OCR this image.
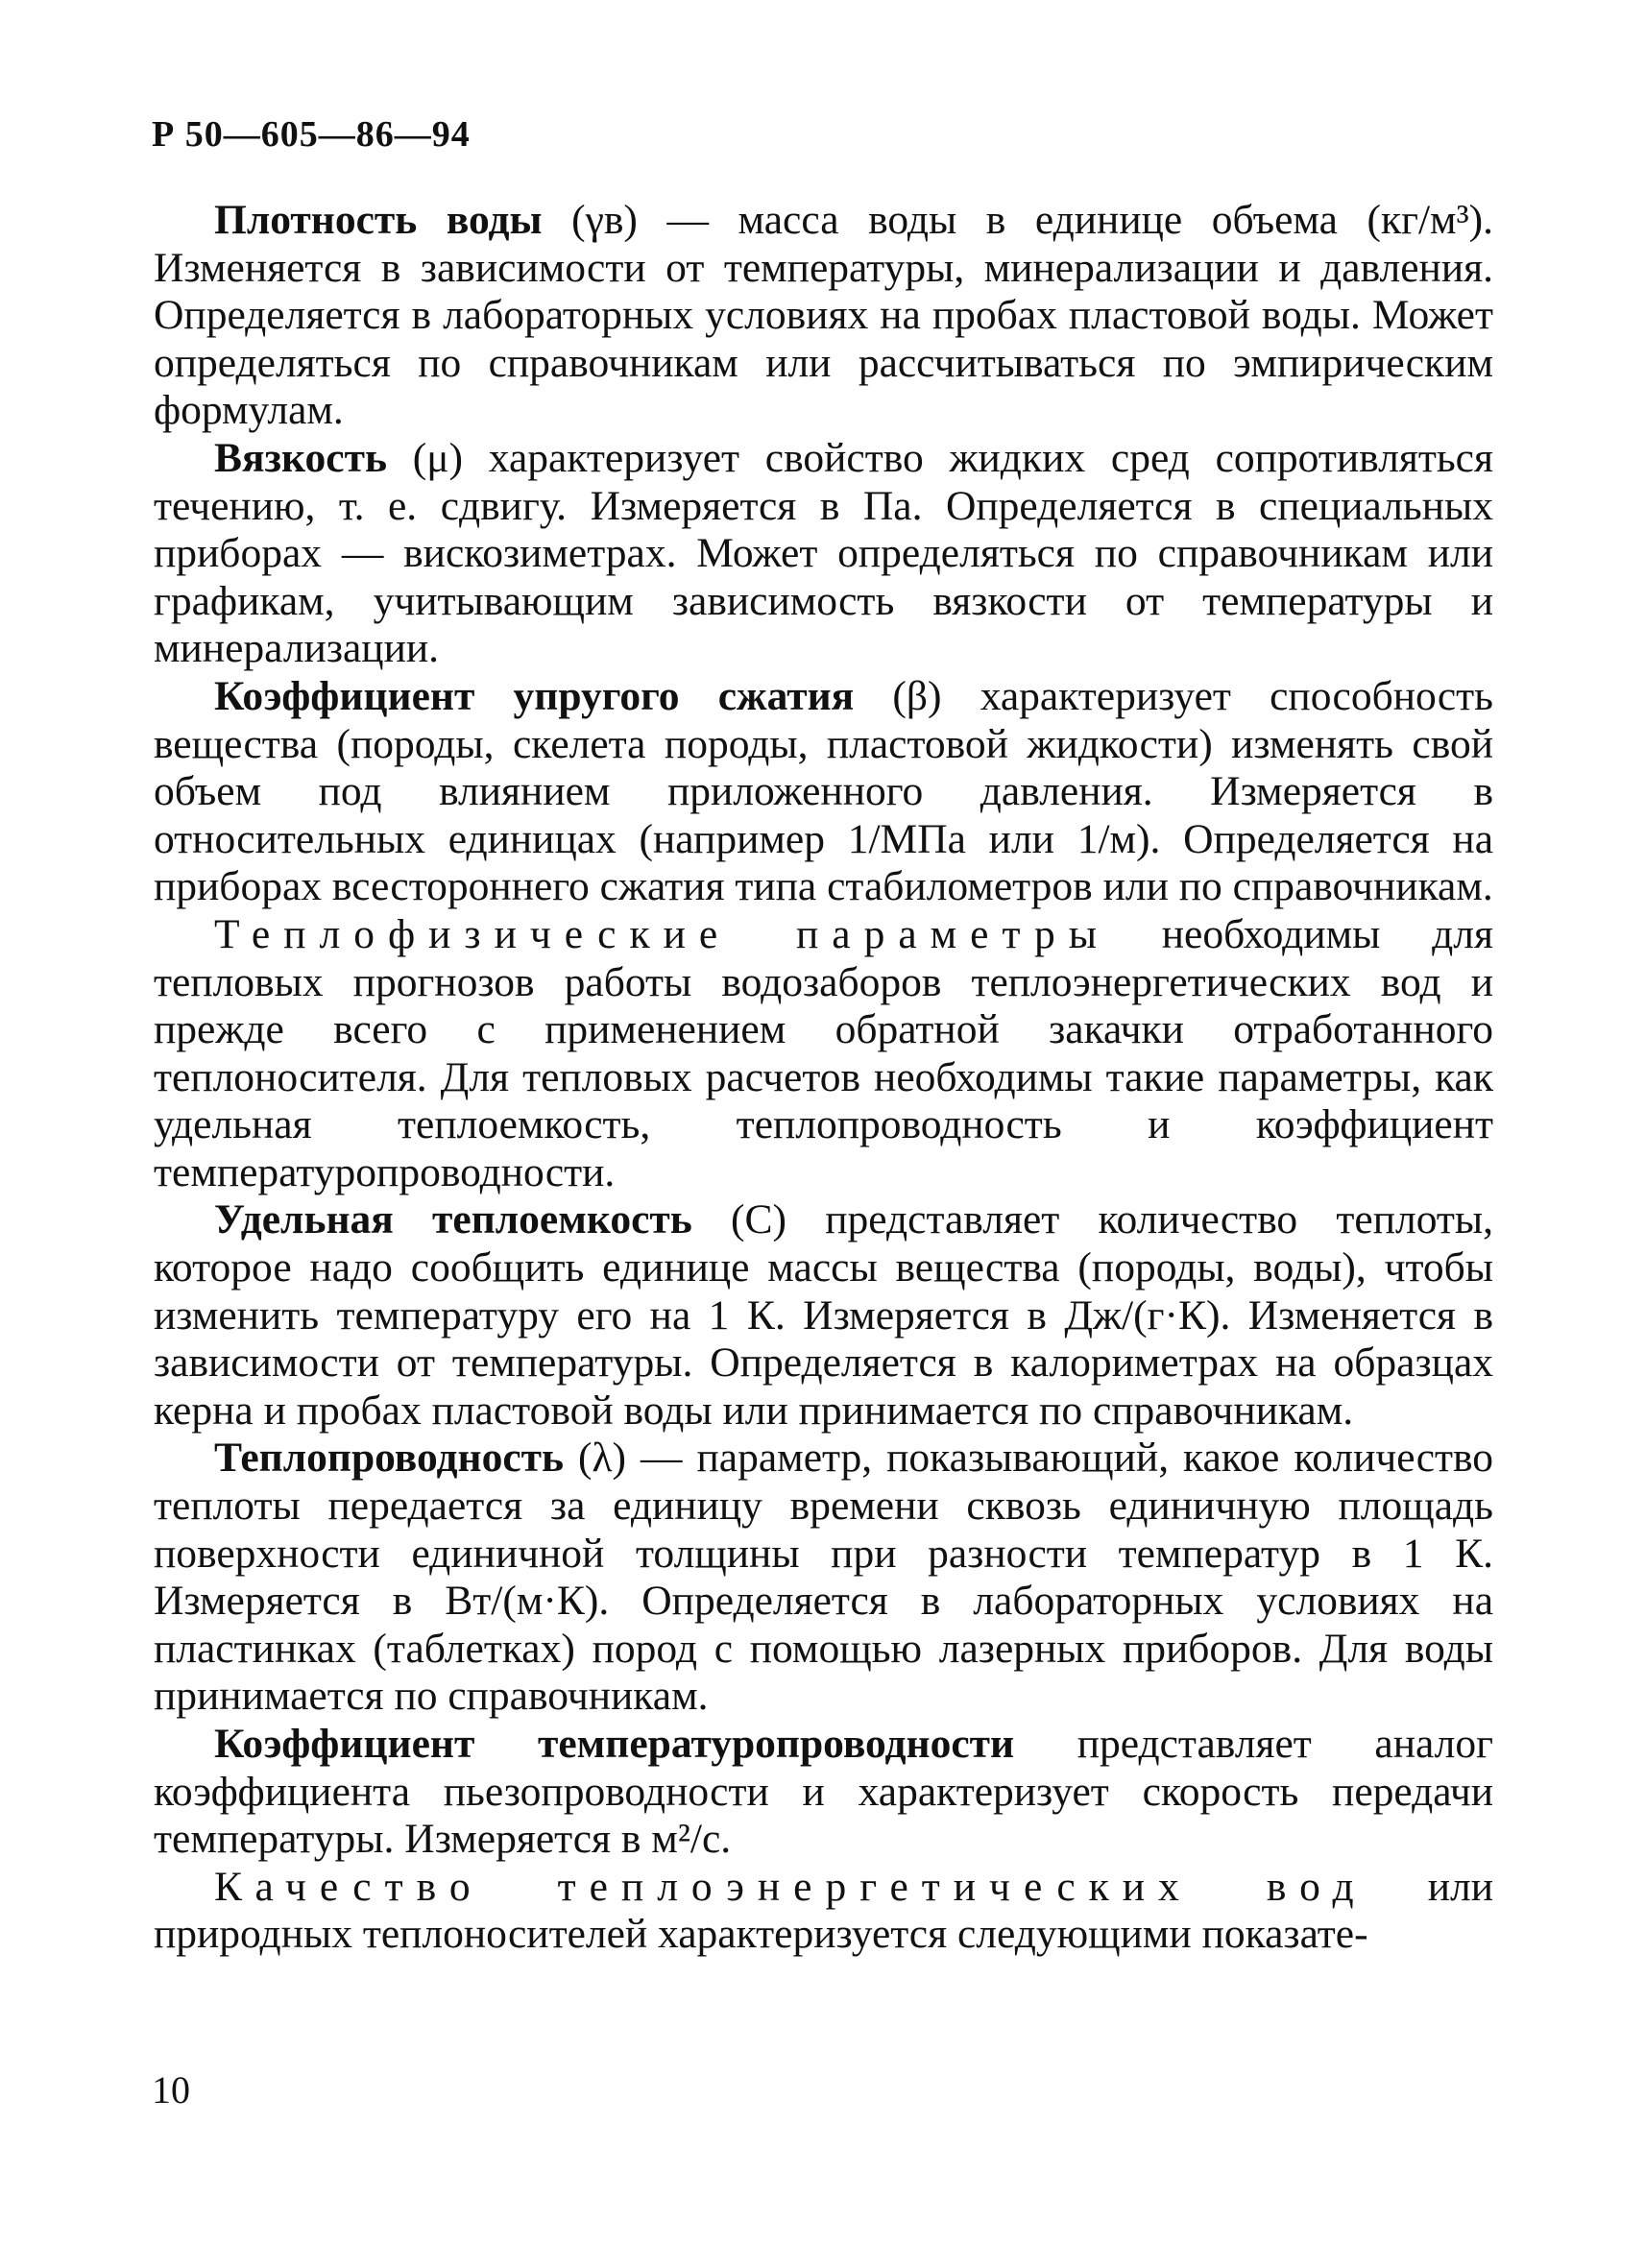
Р 50—605—86—94

Плотность воды (γв) — масса воды в единице объема (кг/м³). Изменяется в зависимости от температуры, минерализации и давления. Определяется в лабораторных условиях на пробах пластовой воды. Может определяться по справочникам или рассчитываться по эмпирическим формулам.

Вязкость (μ) характеризует свойство жидких сред сопротивляться течению, т. е. сдвигу. Измеряется в Па. Определяется в специальных приборах — вискозиметрах. Может определяться по справочникам или графикам, учитывающим зависимость вязкости от температуры и минерализации.

Коэффициент упругого сжатия (β) характеризует способность вещества (породы, скелета породы, пластовой жидкости) изменять свой объем под влиянием приложенного давления. Измеряется в относительных единицах (например 1/МПа или 1/м). Определяется на приборах всестороннего сжатия типа стабилометров или по справочникам.

Теплофизические параметры необходимы для тепловых прогнозов работы водозаборов теплоэнергетических вод и прежде всего с применением обратной закачки отработанного теплоносителя. Для тепловых расчетов необходимы такие параметры, как удельная теплоемкость, теплопроводность и коэффициент температуропроводности.

Удельная теплоемкость (C) представляет количество теплоты, которое надо сообщить единице массы вещества (породы, воды), чтобы изменить температуру его на 1 К. Измеряется в Дж/(г·К). Изменяется в зависимости от температуры. Определяется в калориметрах на образцах керна и пробах пластовой воды или принимается по справочникам.

Теплопроводность (λ) — параметр, показывающий, какое количество теплоты передается за единицу времени сквозь единичную площадь поверхности единичной толщины при разности температур в 1 К. Измеряется в Вт/(м·К). Определяется в лабораторных условиях на пластинках (таблетках) пород с помощью лазерных приборов. Для воды принимается по справочникам.

Коэффициент температуропроводности представляет аналог коэффициента пьезопроводности и характеризует скорость передачи температуры. Измеряется в м²/с.

Качество теплоэнергетических вод или природных теплоносителей характеризуется следующими показате-

10
